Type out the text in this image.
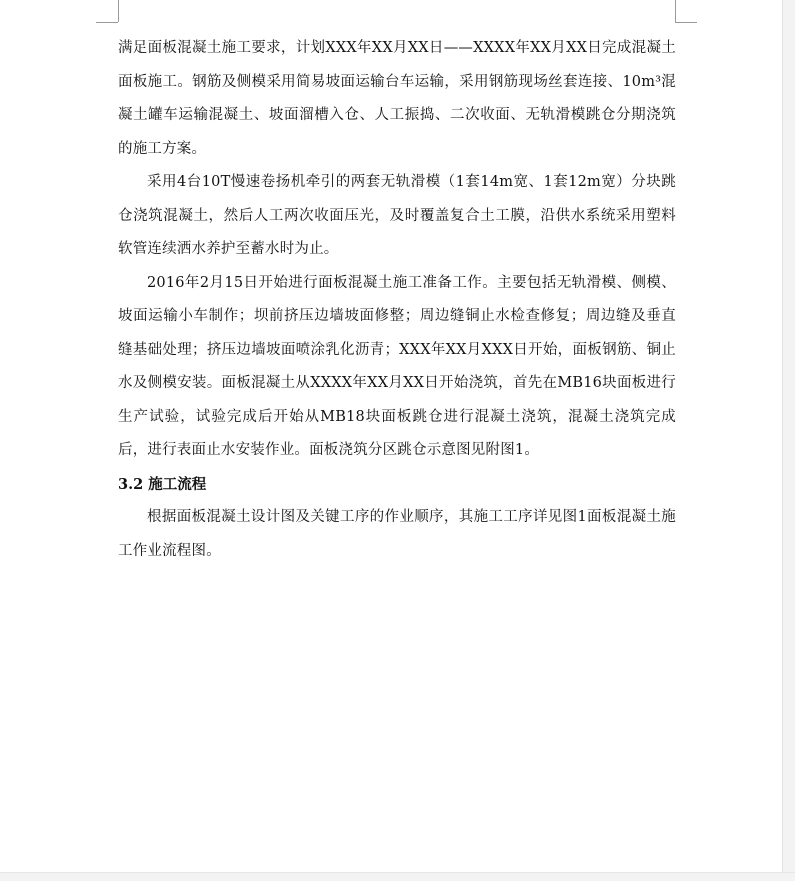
满足面板混凝土施工要求，计划XXX年XX月XX日——XXXX年XX月XX日完成混凝土面板施工。钢筋及侧模采用简易坡面运输台车运输，采用钢筋现场丝套连接、10m³混凝土罐车运输混凝土、坡面溜槽入仓、人工振捣、二次收面、无轨滑模跳仓分期浇筑的施工方案。

采用4台10T慢速卷扬机牵引的两套无轨滑模（1套14m宽、1套12m宽）分块跳仓浇筑混凝土，然后人工两次收面压光，及时覆盖复合土工膜，沿供水系统采用塑料软管连续洒水养护至蓄水时为止。

2016年2月15日开始进行面板混凝土施工准备工作。主要包括无轨滑模、侧模、坡面运输小车制作；坝前挤压边墙坡面修整；周边缝铜止水检查修复；周边缝及垂直缝基础处理；挤压边墙坡面喷涂乳化沥青；XXX年XX月XXX日开始，面板钢筋、铜止水及侧模安装。面板混凝土从XXXX年XX月XX日开始浇筑，首先在MB16块面板进行生产试验，试验完成后开始从MB18块面板跳仓进行混凝土浇筑，混凝土浇筑完成后，进行表面止水安装作业。面板浇筑分区跳仓示意图见附图1。

3.2 施工流程

根据面板混凝土设计图及关键工序的作业顺序，其施工工序详见图1面板混凝土施工作业流程图。
